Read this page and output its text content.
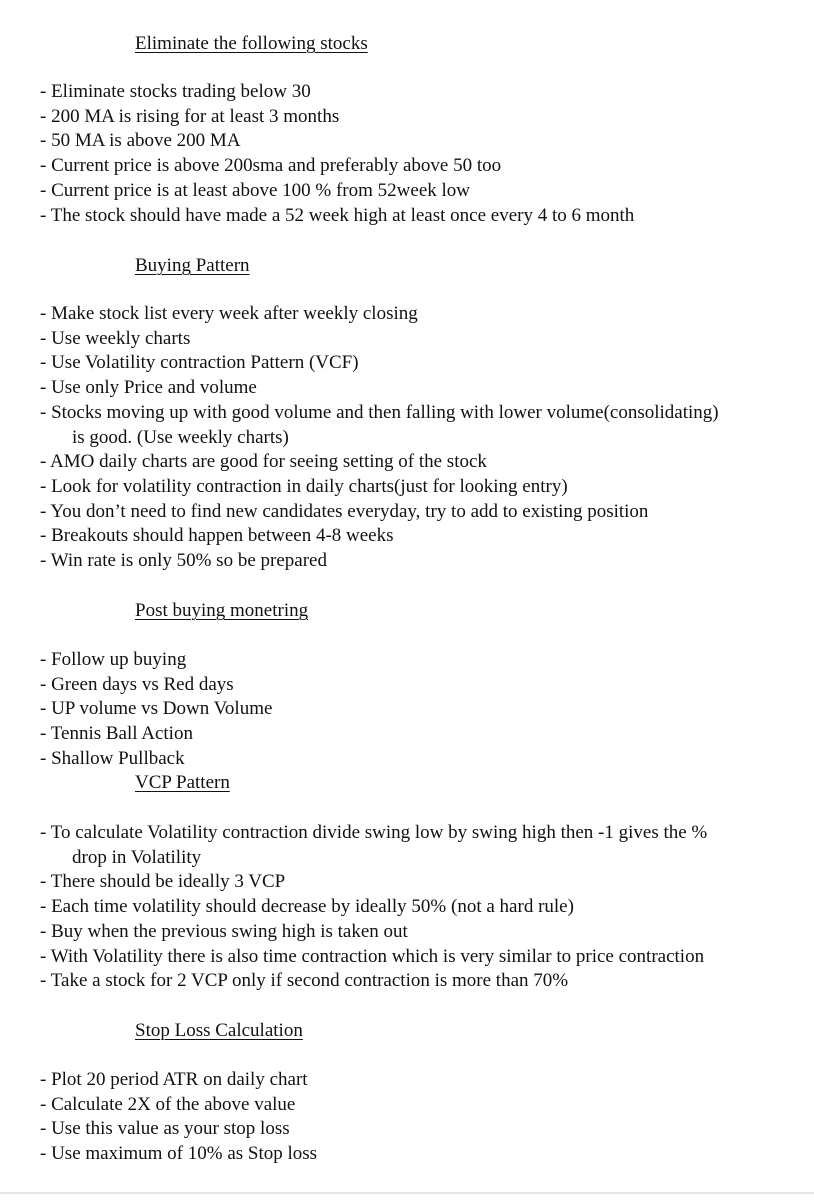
Eliminate the following stocks
- Eliminate stocks trading below 30
- 200 MA is rising for at least 3 months
- 50 MA is above 200 MA
- Current price is above 200sma and preferably above 50 too
- Current price is at least above 100 % from 52week low
- The stock should have made a 52 week high at least once every 4 to 6 month
Buying Pattern
- Make stock list every week after weekly closing
- Use weekly charts
- Use Volatility contraction Pattern (VCF)
- Use only Price and volume
- Stocks moving up with good volume and then falling with lower volume(consolidating)
is good. (Use weekly charts)
- AMO daily charts are good for seeing setting of the stock
- Look for volatility contraction in daily charts(just for looking entry)
- You don’t need to find new candidates everyday, try to add to existing position
- Breakouts should happen between 4-8 weeks
- Win rate is only 50% so be prepared
Post buying monetring
- Follow up buying
- Green days vs Red days
- UP volume vs Down Volume
- Tennis Ball Action
- Shallow Pullback
VCP Pattern
- To calculate Volatility contraction divide swing low by swing high then -1 gives the %
drop in Volatility
- There should be ideally 3 VCP
- Each time volatility should decrease by ideally 50% (not a hard rule)
- Buy when the previous swing high is taken out
- With Volatility there is also time contraction which is very similar to price contraction
- Take a stock for 2 VCP only if second contraction is more than 70%
Stop Loss Calculation
- Plot 20 period ATR on daily chart
- Calculate 2X of the above value
- Use this value as your stop loss
- Use maximum of 10% as Stop loss
